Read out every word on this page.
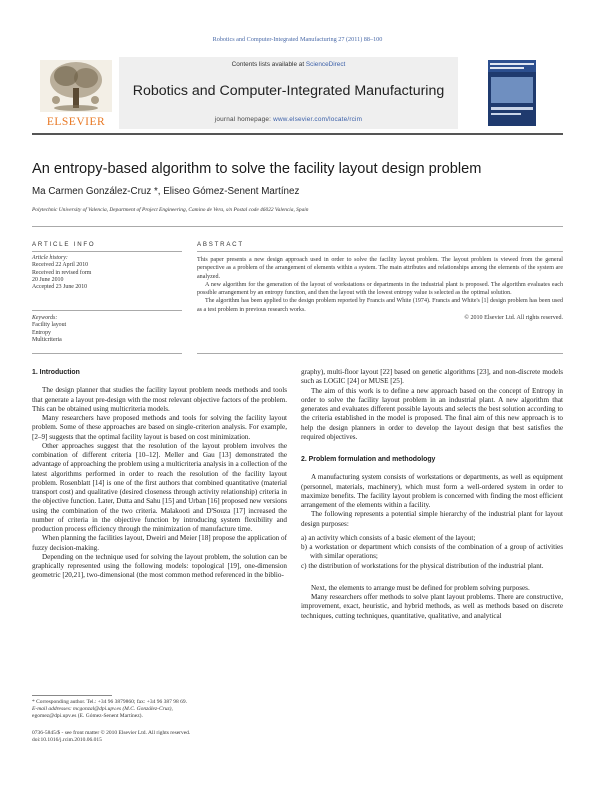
Robotics and Computer-Integrated Manufacturing 27 (2011) 88–100
Contents lists available at ScienceDirect
Robotics and Computer-Integrated Manufacturing
journal homepage: www.elsevier.com/locate/rcim
ELSEVIER
An entropy-based algorithm to solve the facility layout design problem
Ma Carmen González-Cruz *, Eliseo Gómez-Senent Martínez
Polytechnic University of Valencia, Department of Project Engineering, Camino de Vera, s/n Postal code 46022 Valencia, Spain
ARTICLE INFO	ABSTRACT
Article history:
Received 22 April 2010
Received in revised form
20 June 2010
Accepted 23 June 2010
Keywords:
Facility layout
Entropy
Multicriteria

This paper presents a new design approach used in order to solve the facility layout problem. The layout problem is viewed from the general perspective as a problem of the arrangement of elements within a system. The main attributes and relationships among the elements of the system are analyzed.

A new algorithm for the generation of the layout of workstations or departments in the industrial plant is proposed. The algorithm evaluates each possible arrangement by an entropy function, and then the layout with the lowest entropy value is selected as the optimal solution.

The algorithm has been applied to the design problem reported by Francis and White (1974). Francis and White's [1] design problem has been used as a test problem in previous research works.

© 2010 Elsevier Ltd. All rights reserved.

1. Introduction

The design planner that studies the facility layout problem needs methods and tools that generate a layout pre-design with the most relevant objective factors of the problem. This can be obtained using multicriteria models.

Many researchers have proposed methods and tools for solving the facility layout problem. Some of these approaches are based on single-criterion analysis. For example, [2–9] suggests that the optimal facility layout is based on cost minimization.

Other approaches suggest that the resolution of the layout problem involves the combination of different criteria [10–12]. Meller and Gau [13] demonstrated the advantage of approaching the problem using a multicriteria analysis in a collection of the latest algorithms performed in order to reach the resolution of the facility layout problem. Rosenblatt [14] is one of the first authors that combined quantitative (material transport cost) and qualitative (desired closeness through activity relationship) criteria in the objective function. Later, Dutta and Sahu [15] and Urban [16] proposed new versions using the combination of the two criteria. Malakooti and D'Souza [17] increased the number of criteria in the objective function by introducing system flexibility and production process efficiency through the minimization of manufacture time.

When planning the facilities layout, Dweiri and Meier [18] propose the application of fuzzy decision-making.

Depending on the technique used for solving the layout problem, the solution can be graphically represented using the following models: topological [19], one-dimension geometric [20,21], two-dimensional (the most common method referenced in the biblio-

graphy), multi-floor layout [22] based on genetic algorithms [23], and non-discrete models such as LOGIC [24] or MUSE [25].

The aim of this work is to define a new approach based on the concept of Entropy in order to solve the facility layout problem in an industrial plant. A new algorithm that generates and evaluates different possible layouts and selects the best solution according to the criteria established in the model is proposed. The final aim of this new approach is to help the design planners in order to develop the layout design that best satisfies the required objectives.

2. Problem formulation and methodology

A manufacturing system consists of workstations or departments, as well as equipment (personnel, materials, machinery), which must form a well-ordered system in order to maximize benefits. The facility layout problem is concerned with finding the most efficient arrangement of the elements within a facility.

The following represents a potential simple hierarchy of the industrial plant for layout design purposes:

a) an activity which consists of a basic element of the layout;

b) a workstation or department which consists of the combination of a group of activities with similar operations;

c) the distribution of workstations for the physical distribution of the industrial plant.

Next, the elements to arrange must be defined for problem solving purposes.

Many researchers offer methods to solve plant layout problems. There are constructive, improvement, exact, heuristic, and hybrid methods, as well as methods based on discrete techniques, cutting techniques, quantitative, qualitative, and analytical

* Corresponding author. Tel.: +34 96 3879860; fax: +34 96 387 98 69.
E-mail addresses: mcgonzal@dpi.upv.es (M.C. González-Cruz),
egomez@dpi.upv.es (E. Gómez-Senent Martínez).
0736-5845/$ - see front matter © 2010 Elsevier Ltd. All rights reserved.
doi:10.1016/j.rcim.2010.06.015
